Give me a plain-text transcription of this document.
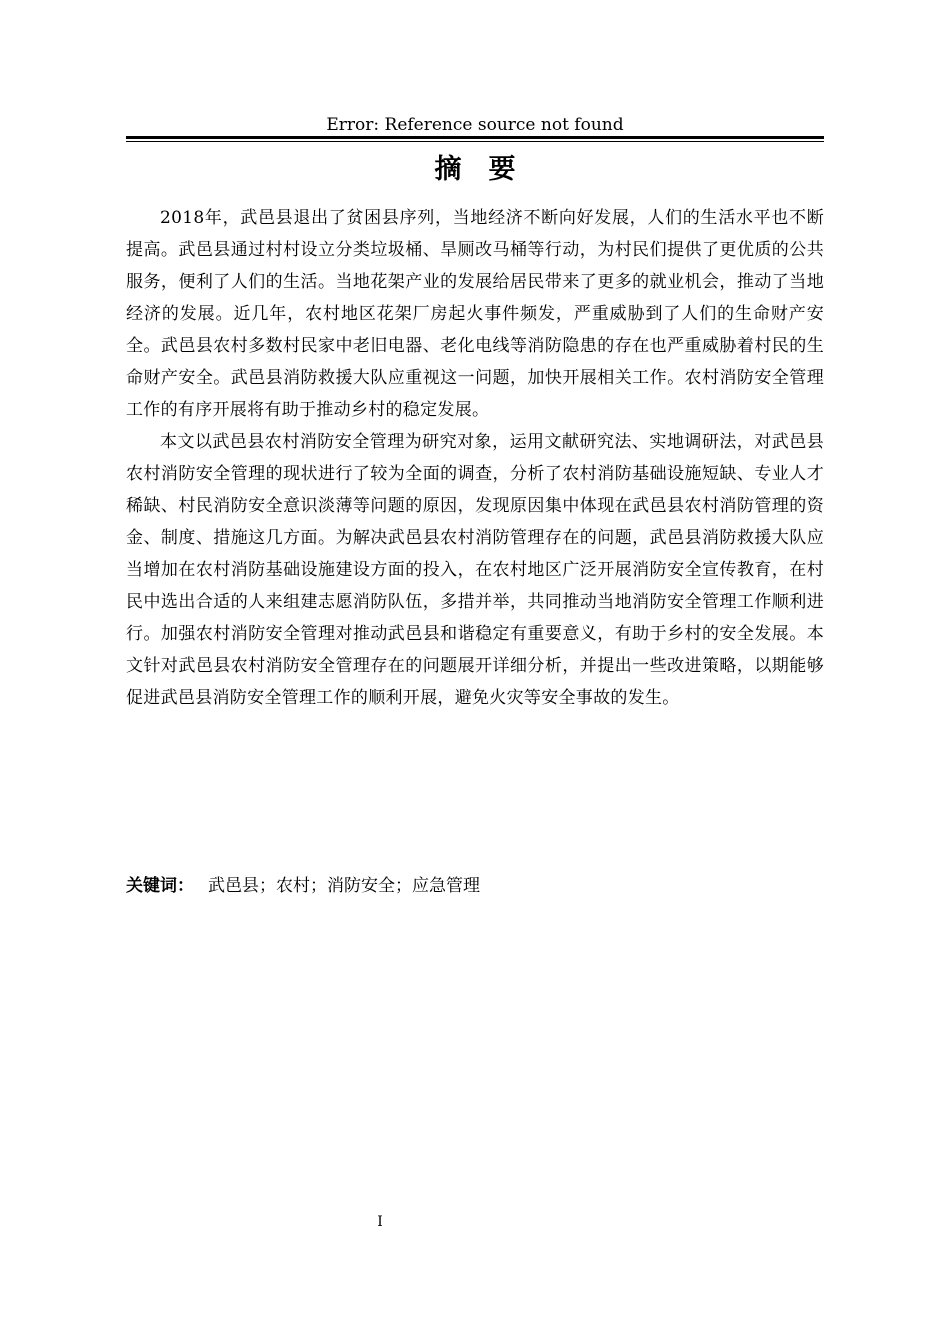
Error: Reference source not found
摘　要

2018年，武邑县退出了贫困县序列，当地经济不断向好发展，人们的生活水平也不断提高。武邑县通过村村设立分类垃圾桶、旱厕改马桶等行动，为村民们提供了更优质的公共服务，便利了人们的生活。当地花架产业的发展给居民带来了更多的就业机会，推动了当地经济的发展。近几年，农村地区花架厂房起火事件频发，严重威胁到了人们的生命财产安全。武邑县农村多数村民家中老旧电器、老化电线等消防隐患的存在也严重威胁着村民的生命财产安全。武邑县消防救援大队应重视这一问题，加快开展相关工作。农村消防安全管理工作的有序开展将有助于推动乡村的稳定发展。

本文以武邑县农村消防安全管理为研究对象，运用文献研究法、实地调研法，对武邑县农村消防安全管理的现状进行了较为全面的调查，分析了农村消防基础设施短缺、专业人才稀缺、村民消防安全意识淡薄等问题的原因，发现原因集中体现在武邑县农村消防管理的资金、制度、措施这几方面。为解决武邑县农村消防管理存在的问题，武邑县消防救援大队应当增加在农村消防基础设施建设方面的投入，在农村地区广泛开展消防安全宣传教育，在村民中选出合适的人来组建志愿消防队伍，多措并举，共同推动当地消防安全管理工作顺利进行。加强农村消防安全管理对推动武邑县和谐稳定有重要意义，有助于乡村的安全发展。本文针对武邑县农村消防安全管理存在的问题展开详细分析，并提出一些改进策略，以期能够促进武邑县消防安全管理工作的顺利开展，避免火灾等安全事故的发生。

关键词： 武邑县；农村；消防安全；应急管理
I
